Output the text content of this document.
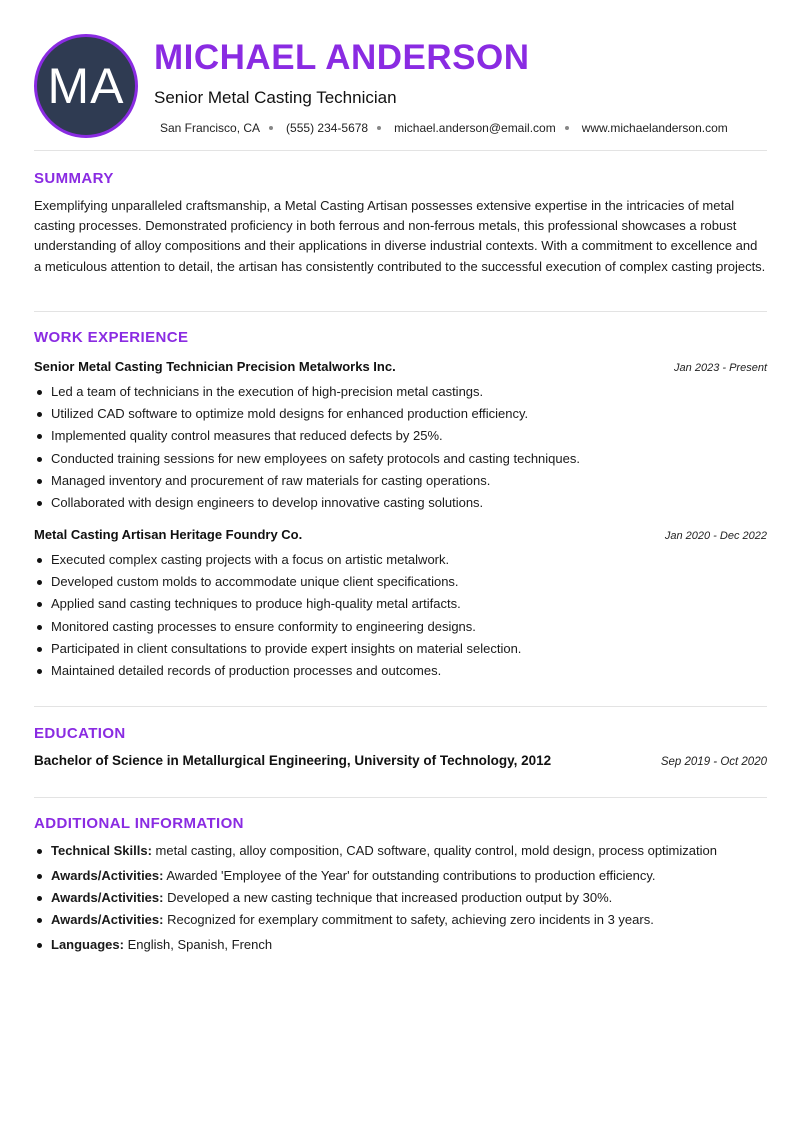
MA
MICHAEL ANDERSON
Senior Metal Casting Technician
San Francisco, CA (555) 234-5678 michael.anderson@email.com www.michaelanderson.com
SUMMARY

Exemplifying unparalleled craftsmanship, a Metal Casting Artisan possesses extensive expertise in the intricacies of metal casting processes. Demonstrated proficiency in both ferrous and non-ferrous metals, this professional showcases a robust understanding of alloy compositions and their applications in diverse industrial contexts. With a commitment to excellence and a meticulous attention to detail, the artisan has consistently contributed to the successful execution of complex casting projects.

WORK EXPERIENCE
Senior Metal Casting Technician Precision Metalworks Inc.	Jan 2023 - Present
Led a team of technicians in the execution of high-precision metal castings.
Utilized CAD software to optimize mold designs for enhanced production efficiency.
Implemented quality control measures that reduced defects by 25%.
Conducted training sessions for new employees on safety protocols and casting techniques.
Managed inventory and procurement of raw materials for casting operations.
Collaborated with design engineers to develop innovative casting solutions.
Metal Casting Artisan Heritage Foundry Co.	Jan 2020 - Dec 2022
Executed complex casting projects with a focus on artistic metalwork.
Developed custom molds to accommodate unique client specifications.
Applied sand casting techniques to produce high-quality metal artifacts.
Monitored casting processes to ensure conformity to engineering designs.
Participated in client consultations to provide expert insights on material selection.
Maintained detailed records of production processes and outcomes.
EDUCATION
Bachelor of Science in Metallurgical Engineering, University of Technology, 2012	Sep 2019 - Oct 2020
ADDITIONAL INFORMATION
Technical Skills: metal casting, alloy composition, CAD software, quality control, mold design, process optimization
Awards/Activities: Awarded 'Employee of the Year' for outstanding contributions to production efficiency.
Awards/Activities: Developed a new casting technique that increased production output by 30%.
Awards/Activities: Recognized for exemplary commitment to safety, achieving zero incidents in 3 years.
Languages: English, Spanish, French
